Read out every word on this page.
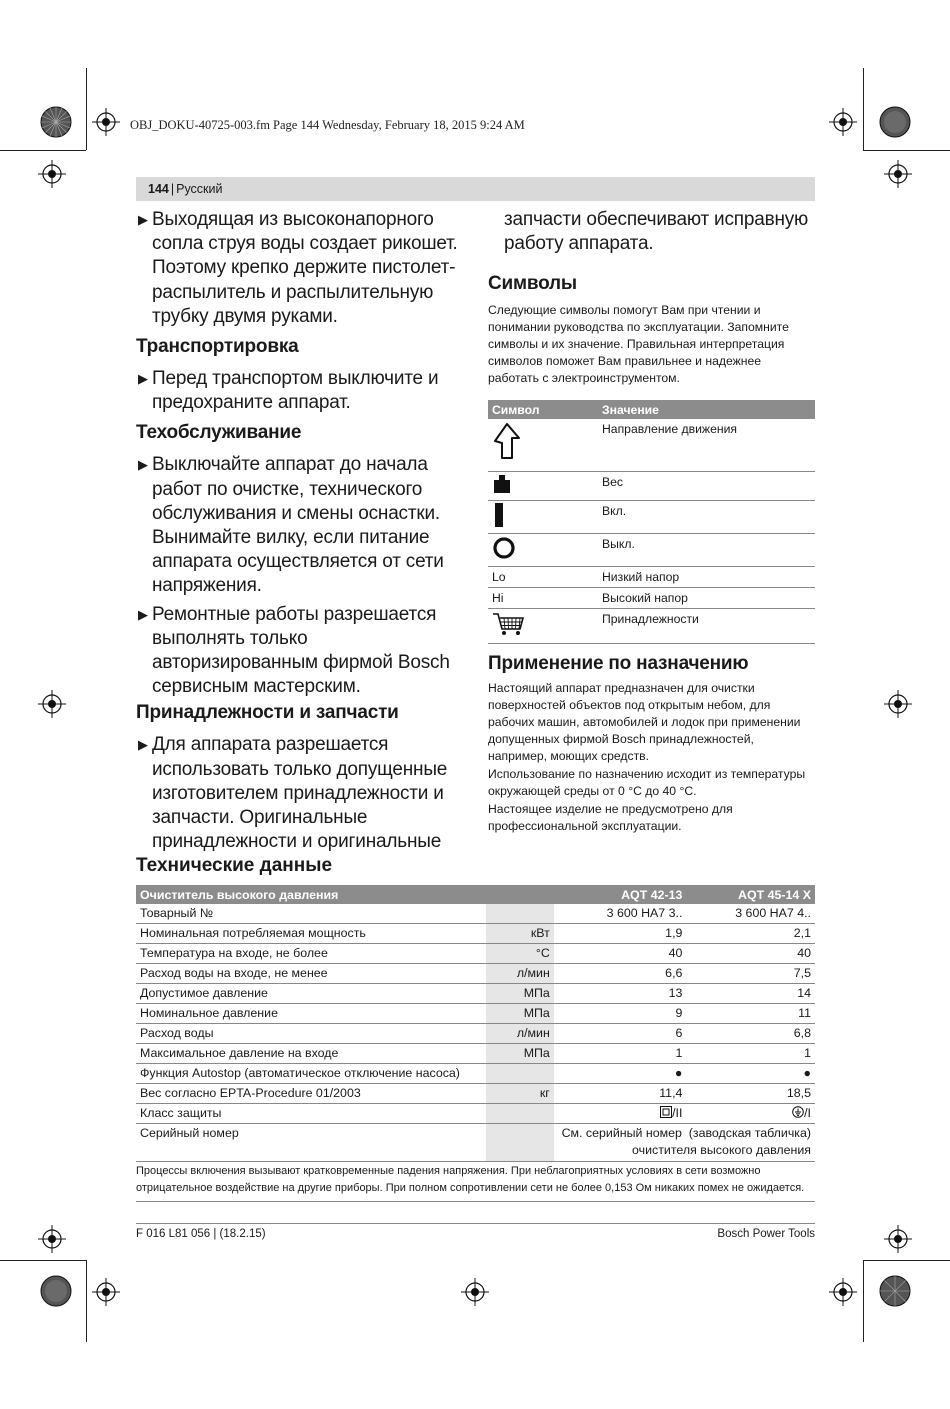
OBJ_DOKU-40725-003.fm Page 144 Wednesday, February 18, 2015 9:24 AM
144 | Русский
▶ Выходящая из высоконапорного сопла струя воды создает рикошет. Поэтому крепко держите пистолет-распылитель и распылительную трубку двумя руками.
Транспортировка
▶ Перед транспортом выключите и предохраните аппарат.
Техобслуживание
▶ Выключайте аппарат до начала работ по очистке, технического обслуживания и смены оснастки. Вынимайте вилку, если питание аппарата осуществляется от сети напряжения.
▶ Ремонтные работы разрешается выполнять только авторизированным фирмой Bosch сервисным мастерским.
Принадлежности и запчасти
▶ Для аппарата разрешается использовать только допущенные изготовителем принадлежности и запчасти. Оригинальные принадлежности и оригинальные
запчасти обеспечивают исправную работу аппарата.
Символы

Следующие символы помогут Вам при чтении и понимании руководства по эксплуатации. Запомните символы и их значение. Правильная интерпретация символов поможет Вам правильнее и надежнее работать с электроинструментом.

Символ	Значение
	Направление движения
	Вес
	Вкл.
	Выкл.
Lo	Низкий напор
Hi	Высокий напор
	Принадлежности
Применение по назначению

Настоящий аппарат предназначен для очистки поверхностей объектов под открытым небом, для рабочих машин, автомобилей и лодок при применении допущенных фирмой Bosch принадлежностей, например, моющих средств.

Использование по назначению исходит из температуры окружающей среды от 0 °C до 40 °C.

Настоящее изделие не предусмотрено для профессиональной эксплуатации.

Технические данные
Очиститель высокого давления		AQT 42-13	AQT 45-14 X
Товарный №		3 600 HA7 3..	3 600 HA7 4..
Номинальная потребляемая мощность	кВт	1,9	2,1
Температура на входе, не более	°C	40	40
Расход воды на входе, не менее	л/мин	6,6	7,5
Допустимое давление	МПа	13	14
Номинальное давление	МПа	9	11
Расход воды	л/мин	6	6,8
Максимальное давление на входе	МПа	1	1
Функция Autostop (автоматическое отключение насоса)		●	●
Вес согласно EPTA-Procedure 01/2003	кг	11,4	18,5
Класс защиты		/II	/I
Серийный номер		См. серийный номер (заводская табличка)
очистителя высокого давления	
Процессы включения вызывают кратковременные падения напряжения. При неблагоприятных условиях в сети возможно отрицательное воздействие на другие приборы. При полном сопротивлении сети не более 0,153 Ом никаких помех не ожидается.
F 016 L81 056 | (18.2.15)	Bosch Power Tools
